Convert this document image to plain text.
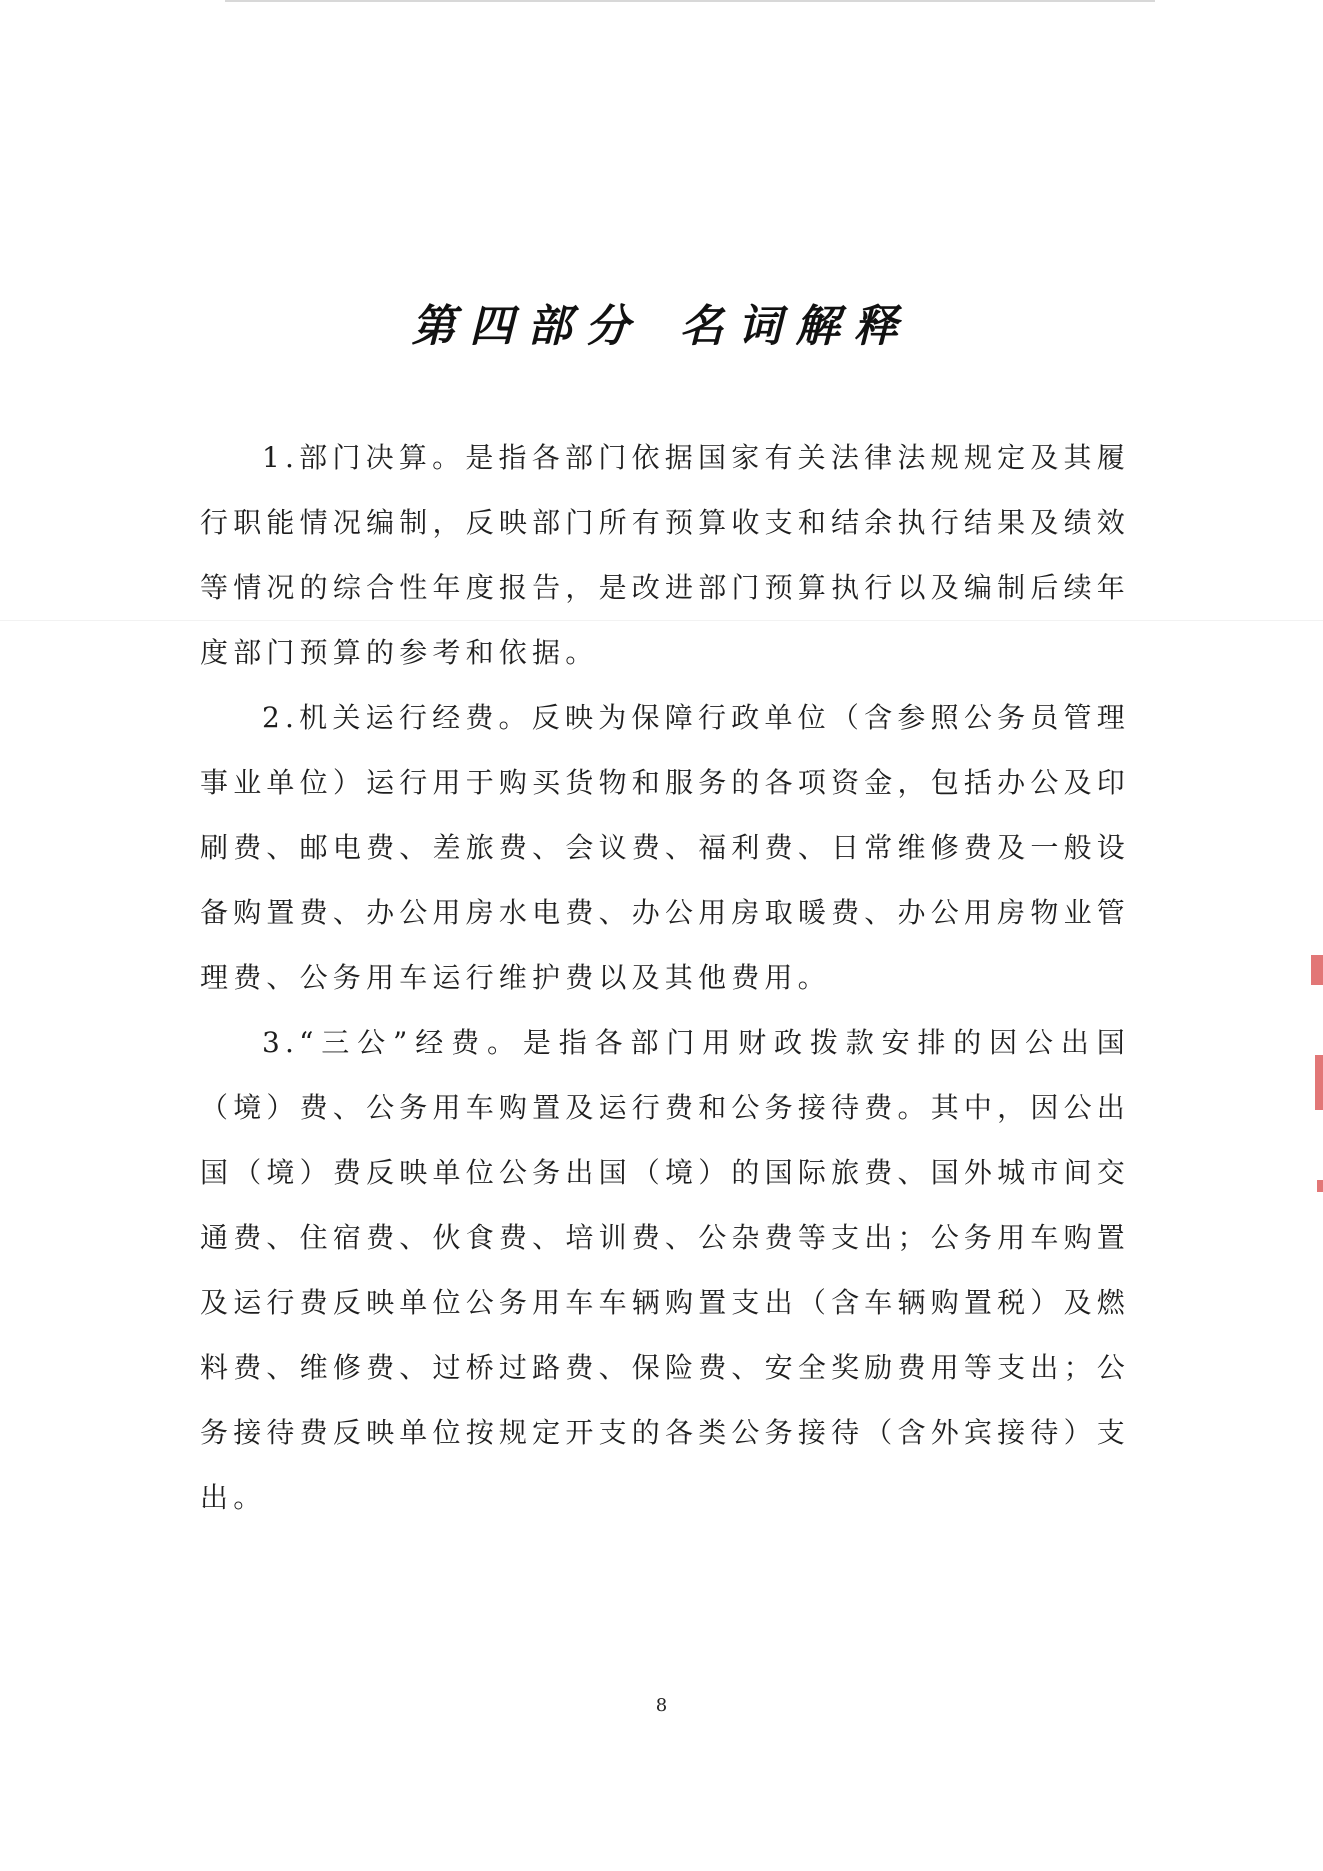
第四部分 名词解释

1.部门决算。是指各部门依据国家有关法律法规规定及其履行职能情况编制，反映部门所有预算收支和结余执行结果及绩效等情况的综合性年度报告，是改进部门预算执行以及编制后续年度部门预算的参考和依据。

2.机关运行经费。反映为保障行政单位（含参照公务员管理事业单位）运行用于购买货物和服务的各项资金，包括办公及印刷费、邮电费、差旅费、会议费、福利费、日常维修费及一般设备购置费、办公用房水电费、办公用房取暖费、办公用房物业管理费、公务用车运行维护费以及其他费用。

3.“三公”经费。是指各部门用财政拨款安排的因公出国（境）费、公务用车购置及运行费和公务接待费。其中，因公出国（境）费反映单位公务出国（境）的国际旅费、国外城市间交通费、住宿费、伙食费、培训费、公杂费等支出；公务用车购置及运行费反映单位公务用车车辆购置支出（含车辆购置税）及燃料费、维修费、过桥过路费、保险费、安全奖励费用等支出；公务接待费反映单位按规定开支的各类公务接待（含外宾接待）支出。

8
